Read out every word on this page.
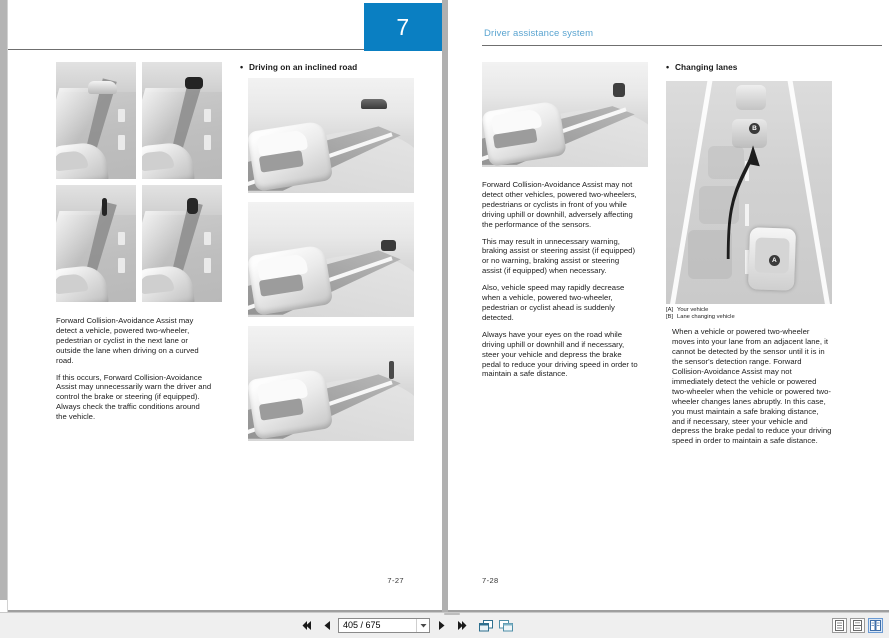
Forward Collision-Avoidance Assist may detect a vehicle, powered two-wheeler, pedestrian or cyclist in the next lane or outside the lane when driving on a curved road.

If this occurs, Forward Collision-Avoidance Assist may unnecessarily warn the driver and control the brake or steering (if equipped). Always check the traffic conditions around the vehicle.

• Driving on an inclined road
7-27
Driver assistance system

Forward Collision-Avoidance Assist may not detect other vehicles, powered two-wheelers, pedestrians or cyclists in front of you while driving uphill or downhill, adversely affecting the performance of the sensors.

This may result in unnecessary warning, braking assist or steering assist (if equipped) or no warning, braking assist or steering assist (if equipped) when necessary.

Also, vehicle speed may rapidly decrease when a vehicle, powered two-wheeler, pedestrian or cyclist ahead is suddenly detected.

Always have your eyes on the road while driving uphill or downhill and if necessary, steer your vehicle and depress the brake pedal to reduce your driving speed in order to maintain a safe distance.

• Changing lanes
B
A
[A] Your vehicle
[B] Lane changing vehicle

When a vehicle or powered two-wheeler moves into your lane from an adjacent lane, it cannot be detected by the sensor until it is in the sensor's detection range. Forward Collision-Avoidance Assist may not immediately detect the vehicle or powered two-wheeler when the vehicle or powered two-wheeler changes lanes abruptly. In this case, you must maintain a safe braking distance, and if necessary, steer your vehicle and depress the brake pedal to reduce your driving speed in order to maintain a safe distance.

7-28
7
405 / 675
